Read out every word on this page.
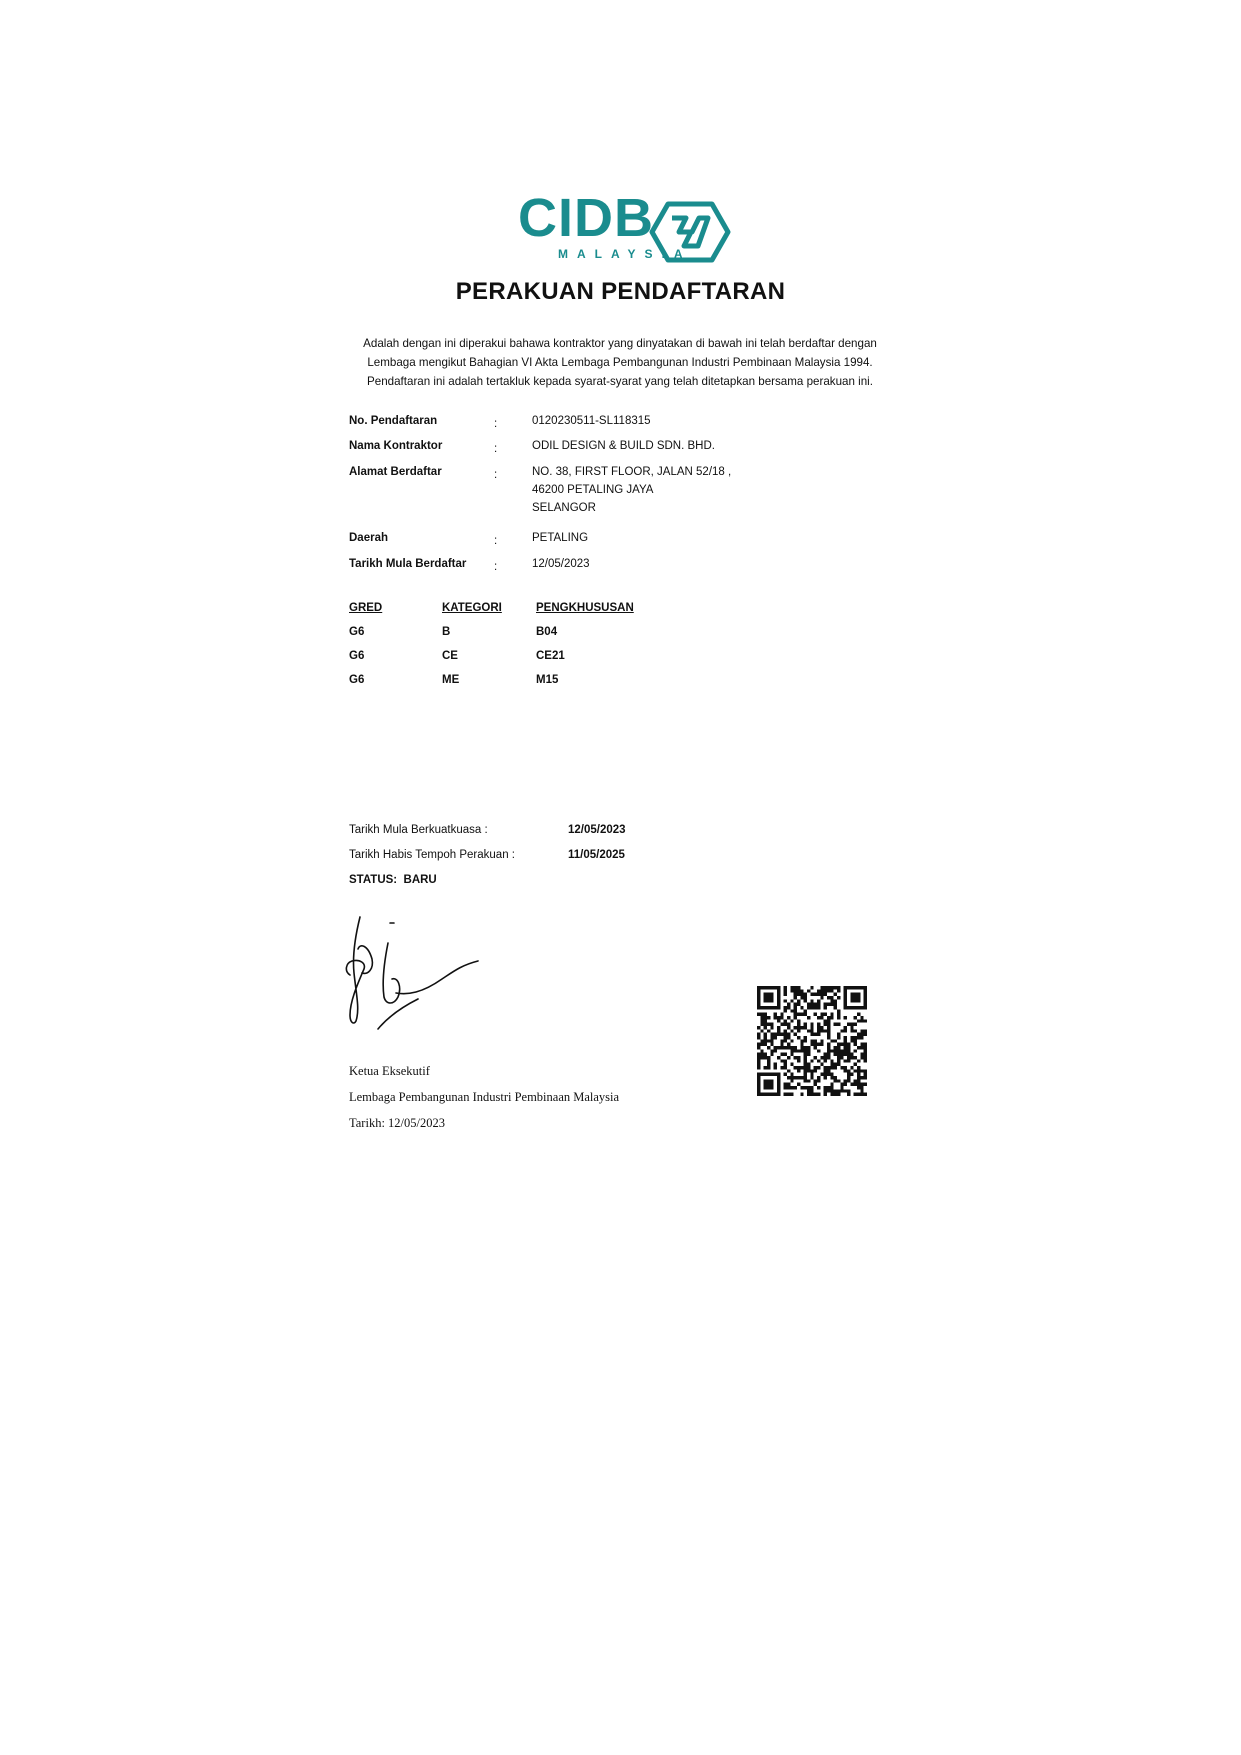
CIDB
MALAYSIA
PERAKUAN PENDAFTARAN
Adalah dengan ini diperakui bahawa kontraktor yang dinyatakan di bawah ini telah berdaftar dengan
Lembaga mengikut Bahagian VI Akta Lembaga Pembangunan Industri Pembinaan Malaysia 1994.
Pendaftaran ini adalah tertakluk kepada syarat-syarat yang telah ditetapkan bersama perakuan ini.
No. Pendaftaran	:	0120230511-SL118315
Nama Kontraktor	:	ODIL DESIGN & BUILD SDN. BHD.
Alamat Berdaftar	:	NO. 38, FIRST FLOOR, JALAN 52/18 ,
46200 PETALING JAYA
SELANGOR
Daerah	:	PETALING
Tarikh Mula Berdaftar :	12/05/2023
GRED	KATEGORI	PENGKHUSUSAN
G6	B	B04
G6	CE	CE21
G6	ME	M15
Tarikh Mula Berkuatkuasa :	12/05/2023
Tarikh Habis Tempoh Perakuan :	11/05/2025
STATUS: BARU
Ketua Eksekutif
Lembaga Pembangunan Industri Pembinaan Malaysia
Tarikh: 12/05/2023
